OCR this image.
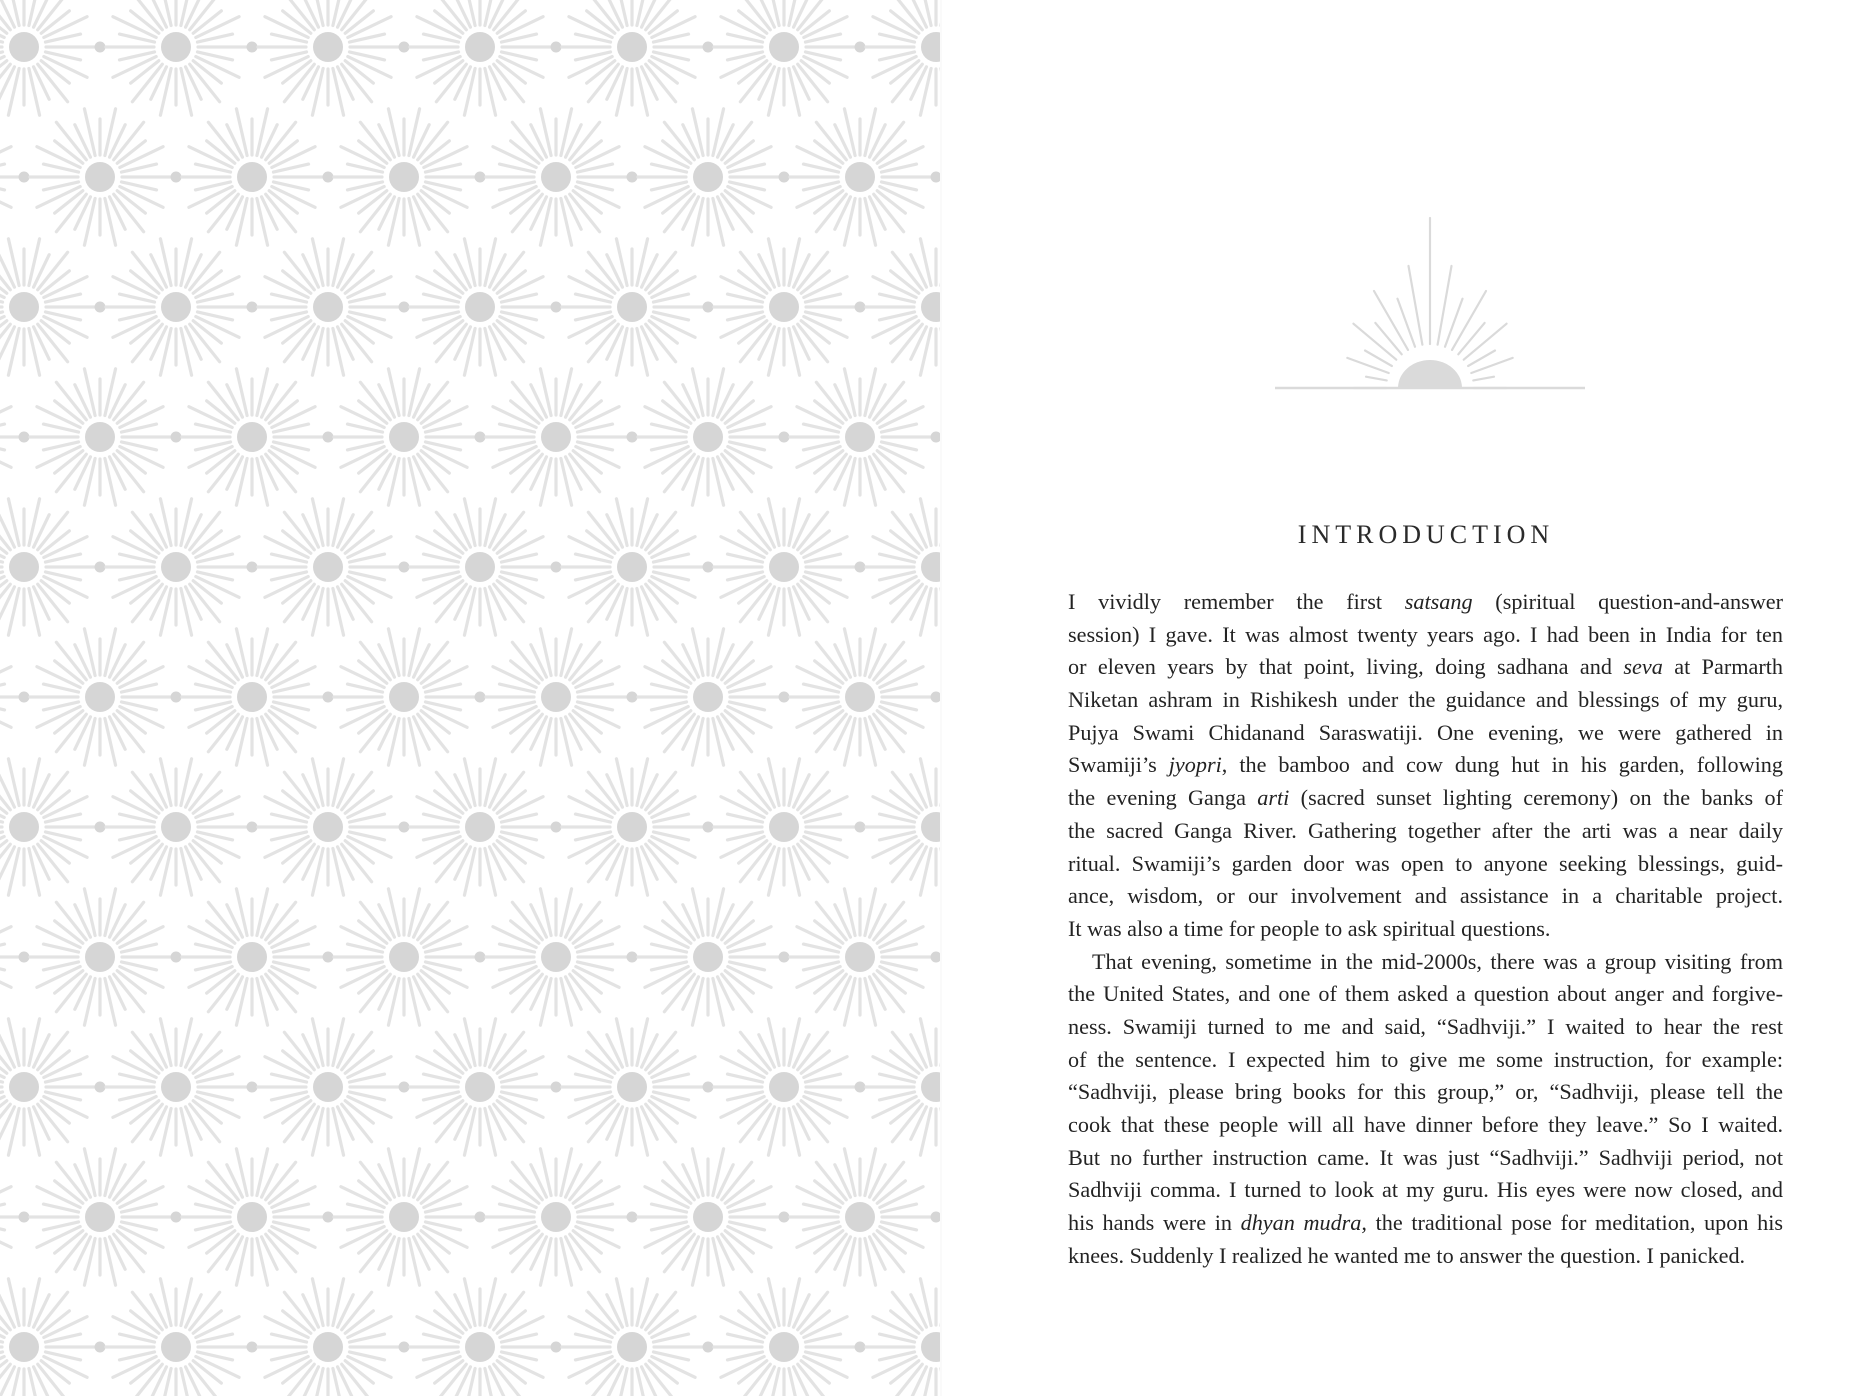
INTRODUCTION
I vividly remember the first satsang (spiritual question-and-answer
session) I gave. It was almost twenty years ago. I had been in India for ten
or eleven years by that point, living, doing sadhana and seva at Parmarth
Niketan ashram in Rishikesh under the guidance and blessings of my guru,
Pujya Swami Chidanand Saraswatiji. One evening, we were gathered in
Swamiji’s jyopri, the bamboo and cow dung hut in his garden, following
the evening Ganga arti (sacred sunset lighting ceremony) on the banks of
the sacred Ganga River. Gathering together after the arti was a near daily
ritual. Swamiji’s garden door was open to anyone seeking blessings, guid-
ance, wisdom, or our involvement and assistance in a charitable project.
It was also a time for people to ask spiritual questions.
That evening, sometime in the mid-2000s, there was a group visiting from
the United States, and one of them asked a question about anger and forgive-
ness. Swamiji turned to me and said, “Sadhviji.” I waited to hear the rest
of the sentence. I expected him to give me some instruction, for example:
“Sadhviji, please bring books for this group,” or, “Sadhviji, please tell the
cook that these people will all have dinner before they leave.” So I waited.
But no further instruction came. It was just “Sadhviji.” Sadhviji period, not
Sadhviji comma. I turned to look at my guru. His eyes were now closed, and
his hands were in dhyan mudra, the traditional pose for meditation, upon his
knees. Suddenly I realized he wanted me to answer the question. I panicked.
